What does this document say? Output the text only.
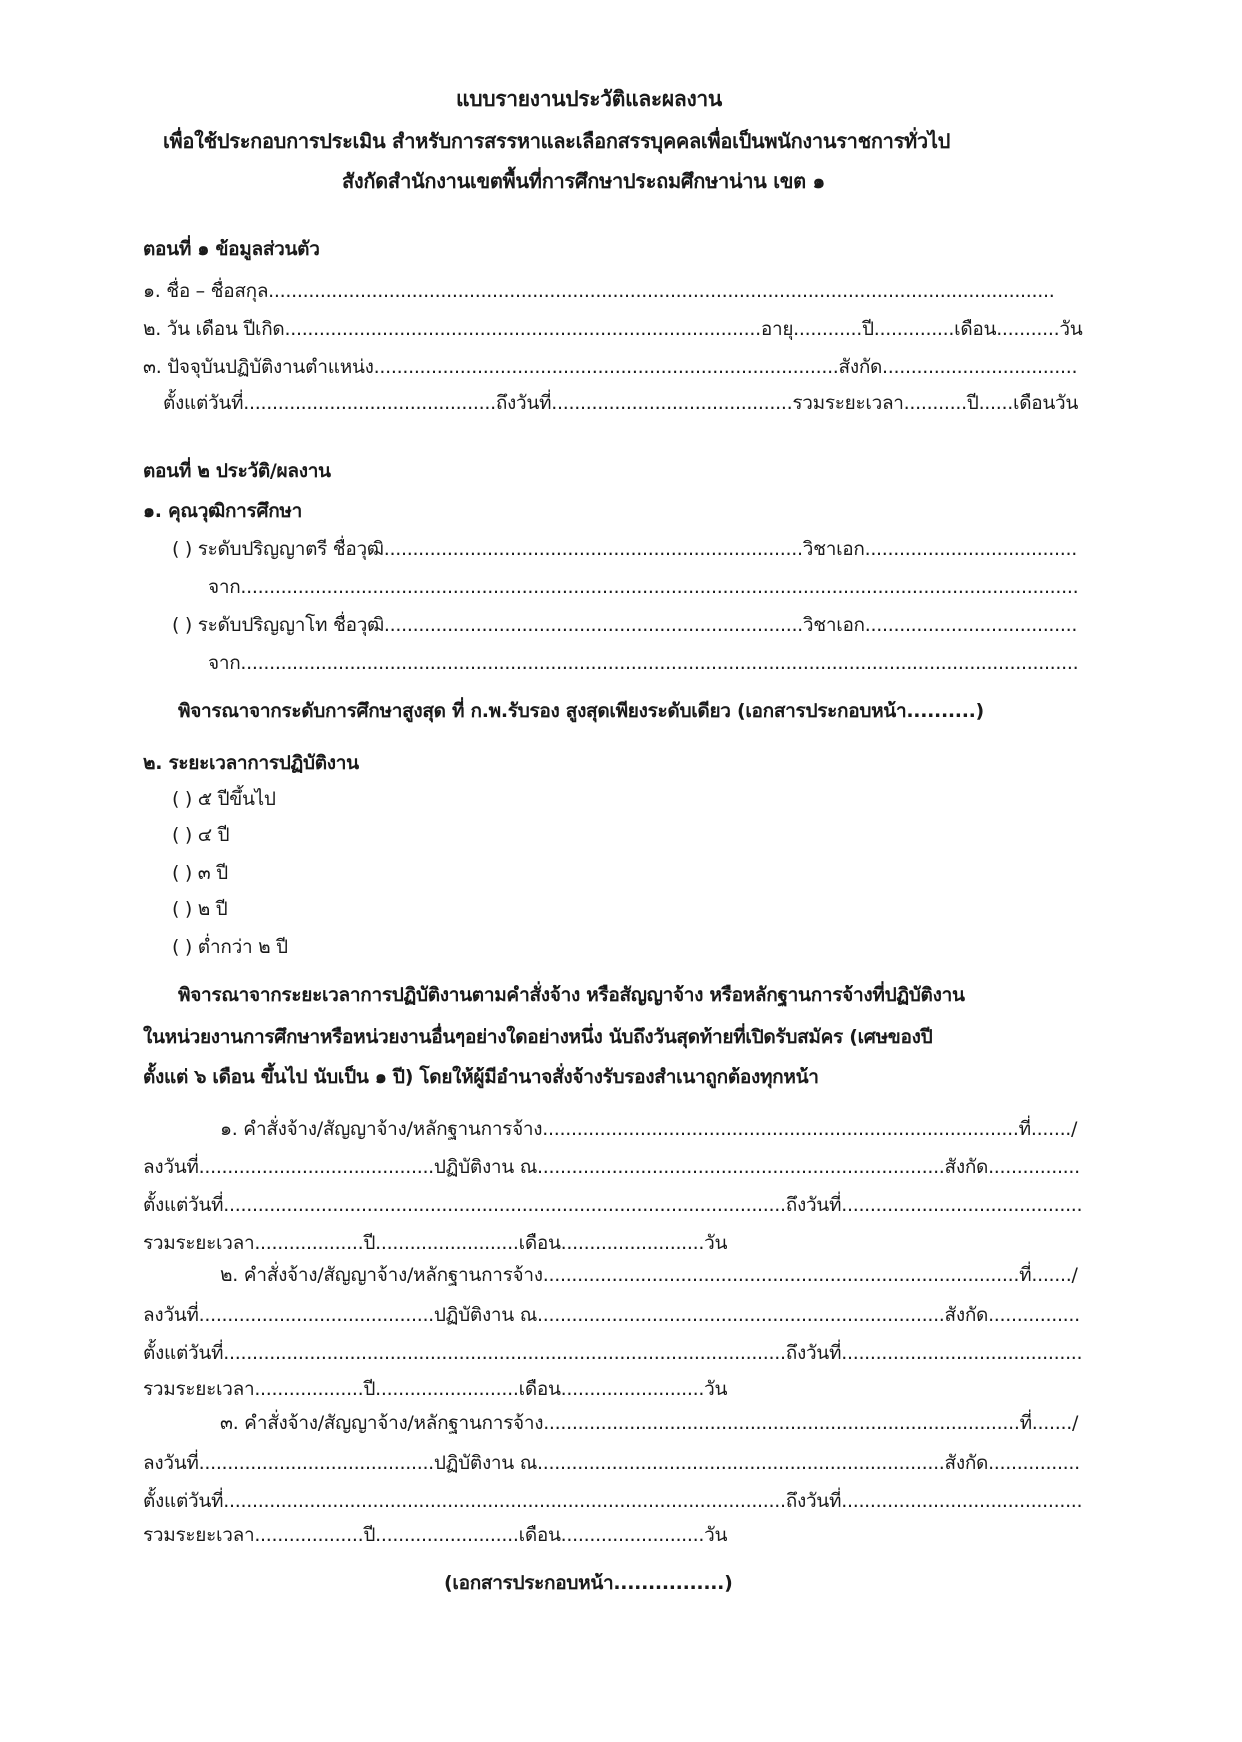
แบบรายงานประวัติและผลงาน
เพื่อใช้ประกอบการประเมิน สำหรับการสรรหาและเลือกสรรบุคคลเพื่อเป็นพนักงานราชการทั่วไป
สังกัดสำนักงานเขตพื้นที่การศึกษาประถมศึกษาน่าน เขต ๑
ตอนที่ ๑ ข้อมูลส่วนตัว
๑. ชื่อ – ชื่อสกุล.........................................................................................................................................
๒. วัน เดือน ปีเกิด...................................................................................อายุ............ปี..............เดือน...........วัน
๓. ปัจจุบันปฏิบัติงานตำแหน่ง.................................................................................สังกัด..................................
ตั้งแต่วันที่............................................ถึงวันที่..........................................รวมระยะเวลา...........ปี......เดือนวัน
ตอนที่ ๒ ประวัติ/ผลงาน
๑. คุณวุฒิการศึกษา
( ) ระดับปริญญาตรี ชื่อวุฒิ.........................................................................วิชาเอก.....................................
จาก..................................................................................................................................................
( ) ระดับปริญญาโท ชื่อวุฒิ.........................................................................วิชาเอก.....................................
จาก..................................................................................................................................................
พิจารณาจากระดับการศึกษาสูงสุด ที่ ก.พ.รับรอง สูงสุดเพียงระดับเดียว (เอกสารประกอบหน้า..........)
๒. ระยะเวลาการปฏิบัติงาน
( ) ๕ ปีขึ้นไป
( ) ๔ ปี
( ) ๓ ปี
( ) ๒ ปี
( ) ต่ำกว่า ๒ ปี
พิจารณาจากระยะเวลาการปฏิบัติงานตามคำสั่งจ้าง หรือสัญญาจ้าง หรือหลักฐานการจ้างที่ปฏิบัติงาน
ในหน่วยงานการศึกษาหรือหน่วยงานอื่นๆอย่างใดอย่างหนึ่ง นับถึงวันสุดท้ายที่เปิดรับสมัคร (เศษของปี
ตั้งแต่ ๖ เดือน ขึ้นไป นับเป็น ๑ ปี) โดยให้ผู้มีอำนาจสั่งจ้างรับรองสำเนาถูกต้องทุกหน้า
๑. คำสั่งจ้าง/สัญญาจ้าง/หลักฐานการจ้าง...................................................................................ที่......./
ลงวันที่.........................................ปฏิบัติงาน ณ.......................................................................สังกัด................
ตั้งแต่วันที่..................................................................................................ถึงวันที่..........................................
รวมระยะเวลา...................ปี.........................เดือน.........................วัน
๒. คำสั่งจ้าง/สัญญาจ้าง/หลักฐานการจ้าง...................................................................................ที่......./
ลงวันที่.........................................ปฏิบัติงาน ณ.......................................................................สังกัด................
ตั้งแต่วันที่..................................................................................................ถึงวันที่..........................................
รวมระยะเวลา...................ปี.........................เดือน.........................วัน
๓. คำสั่งจ้าง/สัญญาจ้าง/หลักฐานการจ้าง...................................................................................ที่......./
ลงวันที่.........................................ปฏิบัติงาน ณ.......................................................................สังกัด................
ตั้งแต่วันที่..................................................................................................ถึงวันที่..........................................
รวมระยะเวลา...................ปี.........................เดือน.........................วัน
(เอกสารประกอบหน้า................)
